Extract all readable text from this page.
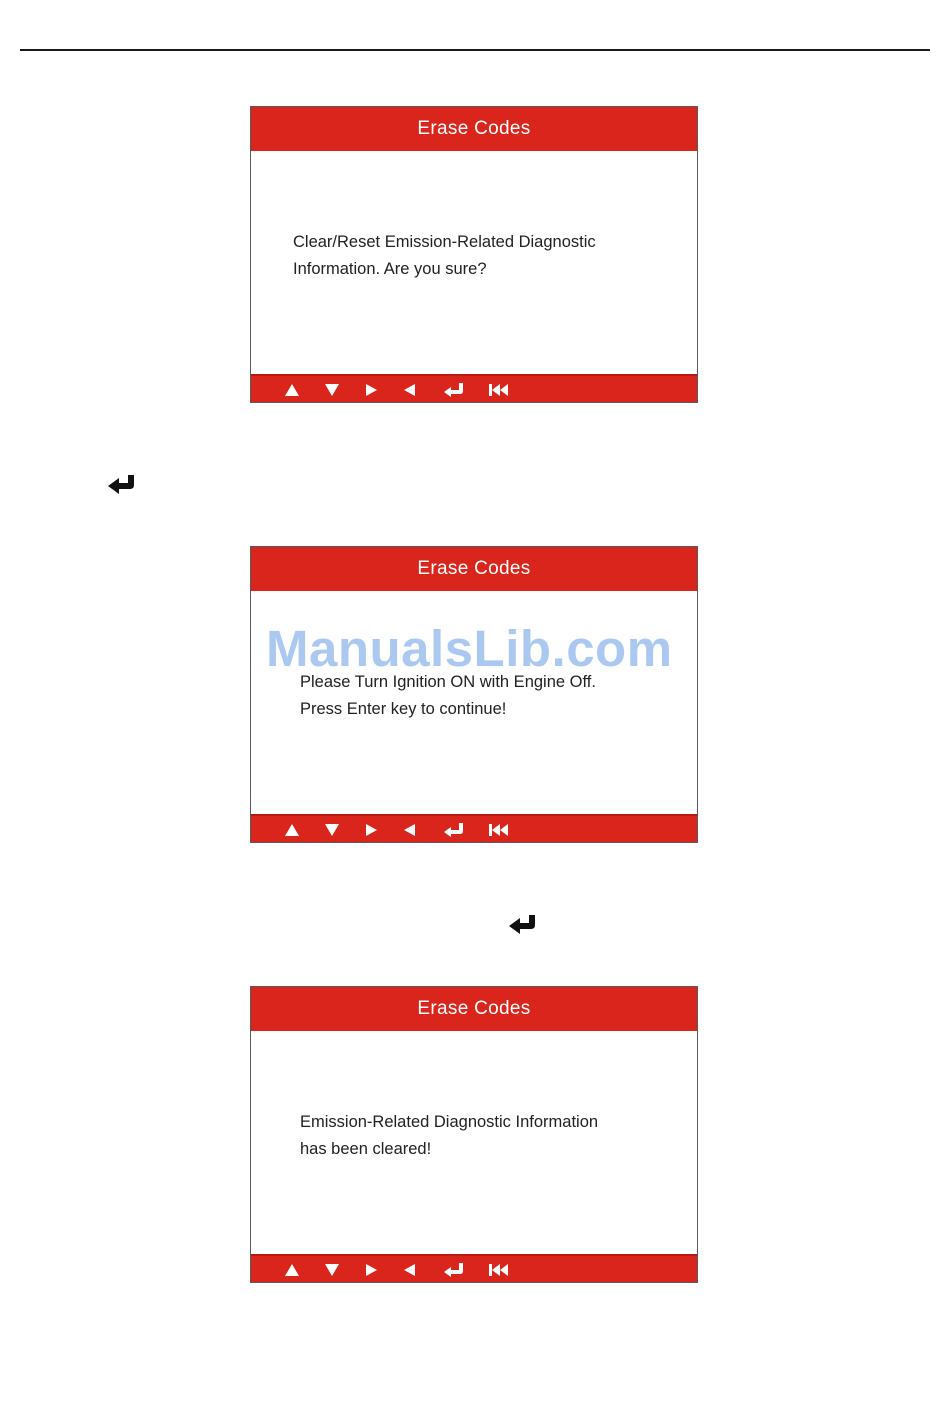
Erase Codes
Clear/Reset Emission-Related Diagnostic
Information. Are you sure?
Erase Codes
Please Turn Ignition ON with Engine Off.
Press Enter key to continue!
ManualsLib.com
Erase Codes
Emission-Related Diagnostic Information
has been cleared!
